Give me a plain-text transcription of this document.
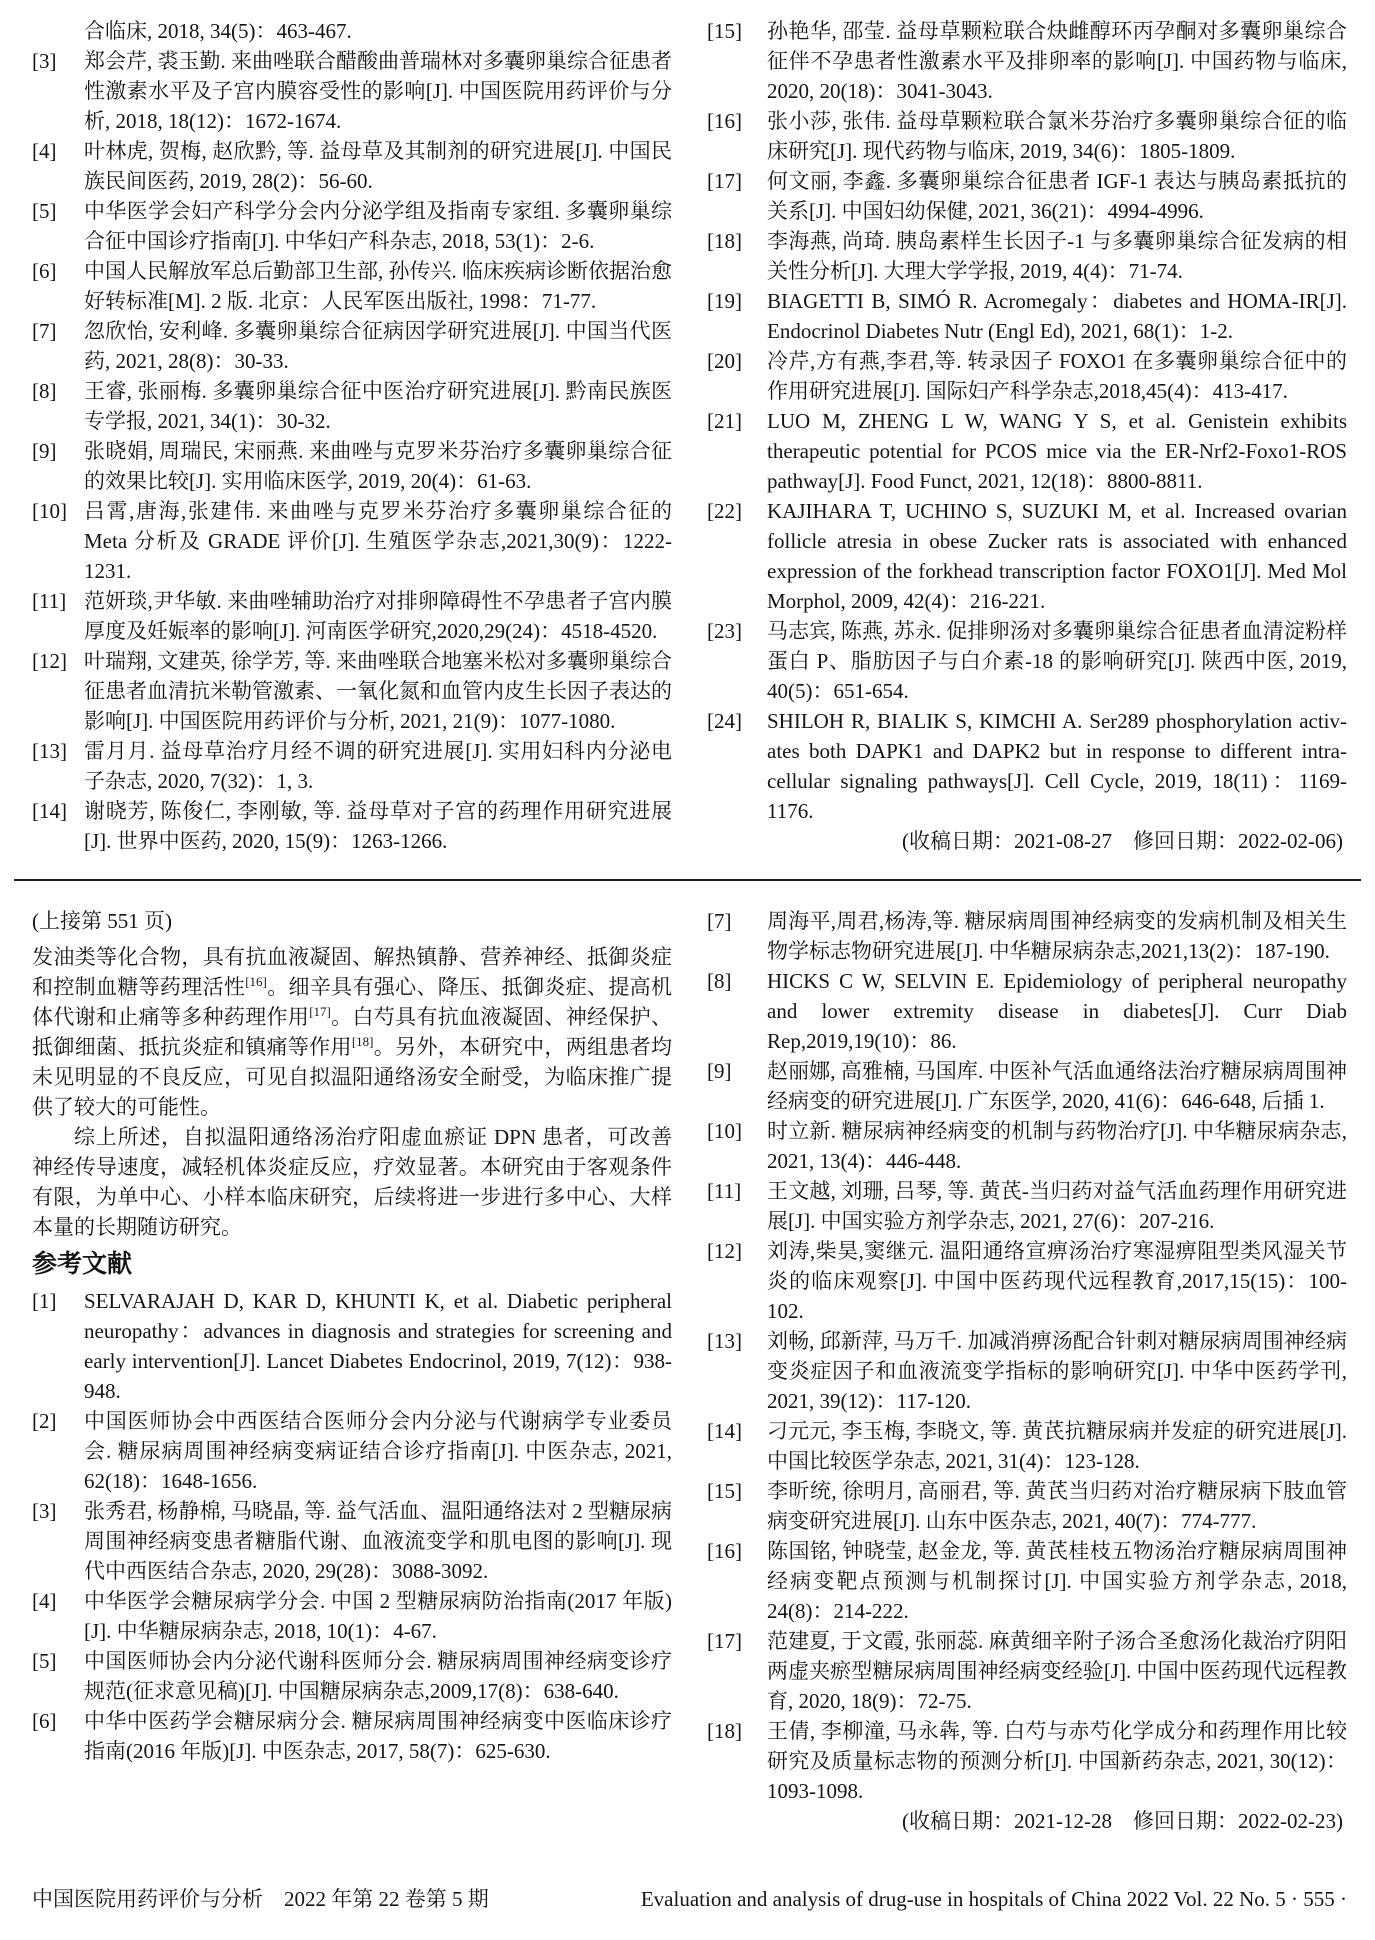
合临床, 2018, 34(5)：463-467.
[3]	郑会芹, 裘玉勤. 来曲唑联合醋酸曲普瑞林对多囊卵巢综合征患者性激素水平及子宫内膜容受性的影响[J]. 中国医院用药评价与分析, 2018, 18(12)：1672-1674.
[4]	叶林虎, 贺梅, 赵欣黔, 等. 益母草及其制剂的研究进展[J]. 中国民族民间医药, 2019, 28(2)：56-60.
[5]	中华医学会妇产科学分会内分泌学组及指南专家组. 多囊卵巢综合征中国诊疗指南[J]. 中华妇产科杂志, 2018, 53(1)：2-6.
[6]	中国人民解放军总后勤部卫生部, 孙传兴. 临床疾病诊断依据治愈好转标准[M]. 2 版. 北京：人民军医出版社, 1998：71-77.
[7]	忽欣怡, 安利峰. 多囊卵巢综合征病因学研究进展[J]. 中国当代医药, 2021, 28(8)：30-33.
[8]	王睿, 张丽梅. 多囊卵巢综合征中医治疗研究进展[J]. 黔南民族医专学报, 2021, 34(1)：30-32.
[9]	张晓娟, 周瑞民, 宋丽燕. 来曲唑与克罗米芬治疗多囊卵巢综合征的效果比较[J]. 实用临床医学, 2019, 20(4)：61-63.
[10] 吕霄,唐海,张建伟. 来曲唑与克罗米芬治疗多囊卵巢综合征的 Meta 分析及 GRADE 评价[J]. 生殖医学杂志,2021,30(9)：1222-1231.
[11] 范妍琰,尹华敏. 来曲唑辅助治疗对排卵障碍性不孕患者子宫内膜厚度及妊娠率的影响[J]. 河南医学研究,2020,29(24)：4518-4520.
[12] 叶瑞翔, 文建英, 徐学芳, 等. 来曲唑联合地塞米松对多囊卵巢综合征患者血清抗米勒管激素、一氧化氮和血管内皮生长因子表达的影响[J]. 中国医院用药评价与分析, 2021, 21(9)：1077-1080.
[13] 雷月月. 益母草治疗月经不调的研究进展[J]. 实用妇科内分泌电子杂志, 2020, 7(32)：1, 3.
[14] 谢晓芳, 陈俊仁, 李刚敏, 等. 益母草对子宫的药理作用研究进展[J]. 世界中医药, 2020, 15(9)：1263-1266.
[15]	孙艳华, 邵莹. 益母草颗粒联合炔雌醇环丙孕酮对多囊卵巢综合征伴不孕患者性激素水平及排卵率的影响[J]. 中国药物与临床, 2020, 20(18)：3041-3043.
[16]	张小莎, 张伟. 益母草颗粒联合氯米芬治疗多囊卵巢综合征的临床研究[J]. 现代药物与临床, 2019, 34(6)：1805-1809.
[17]	何文丽, 李鑫. 多囊卵巢综合征患者 IGF-1 表达与胰岛素抵抗的关系[J]. 中国妇幼保健, 2021, 36(21)：4994-4996.
[18]	李海燕, 尚琦. 胰岛素样生长因子-1 与多囊卵巢综合征发病的相关性分析[J]. 大理大学学报, 2019, 4(4)：71-74.
[19]	BIAGETTI B, SIMÓ R. Acromegaly：diabetes and HOMA-IR[J]. Endocrinol Diabetes Nutr (Engl Ed), 2021, 68(1)：1-2.
[20]	冷芹,方有燕,李君,等. 转录因子 FOXO1 在多囊卵巢综合征中的作用研究进展[J]. 国际妇产科学杂志,2018,45(4)：413-417.
[21]	LUO M, ZHENG L W, WANG Y S, et al. Genistein exhibits therapeutic potential for PCOS mice via the ER-Nrf2-Foxo1-ROS pathway[J]. Food Funct, 2021, 12(18)：8800-8811.
[22]	KAJIHARA T, UCHINO S, SUZUKI M, et al. Increased ovarian follicle atresia in obese Zucker rats is associated with enhanced expression of the forkhead transcription factor FOXO1[J]. Med Mol Morphol, 2009, 42(4)：216-221.
[23]	马志宾, 陈燕, 苏永. 促排卵汤对多囊卵巢综合征患者血清淀粉样蛋白 P、脂肪因子与白介素-18 的影响研究[J]. 陕西中医, 2019, 40(5)：651-654.
[24]	SHILOH R, BIALIK S, KIMCHI A. Ser289 phosphorylation activ-ates both DAPK1 and DAPK2 but in response to different intra-cellular signaling pathways[J]. Cell Cycle, 2019, 18(11)：1169-1176.
(收稿日期：2021-08-27　修回日期：2022-02-06)
(上接第 551 页)

发油类等化合物，具有抗血液凝固、解热镇静、营养神经、抵御炎症和控制血糖等药理活性[16]。细辛具有强心、降压、抵御炎症、提高机体代谢和止痛等多种药理作用[17]。白芍具有抗血液凝固、神经保护、抵御细菌、抵抗炎症和镇痛等作用[18]。另外，本研究中，两组患者均未见明显的不良反应，可见自拟温阳通络汤安全耐受，为临床推广提供了较大的可能性。

综上所述，自拟温阳通络汤治疗阳虚血瘀证 DPN 患者，可改善神经传导速度，减轻机体炎症反应，疗效显著。本研究由于客观条件有限，为单中心、小样本临床研究，后续将进一步进行多中心、大样本量的长期随访研究。

参考文献
[1]	SELVARAJAH D, KAR D, KHUNTI K, et al. Diabetic peripheral neuropathy：advances in diagnosis and strategies for screening and early intervention[J]. Lancet Diabetes Endocrinol, 2019, 7(12)：938-948.
[2]	中国医师协会中西医结合医师分会内分泌与代谢病学专业委员会. 糖尿病周围神经病变病证结合诊疗指南[J]. 中医杂志, 2021, 62(18)：1648-1656.
[3]	张秀君, 杨静棉, 马晓晶, 等. 益气活血、温阳通络法对 2 型糖尿病周围神经病变患者糖脂代谢、血液流变学和肌电图的影响[J]. 现代中西医结合杂志, 2020, 29(28)：3088-3092.
[4]	中华医学会糖尿病学分会. 中国 2 型糖尿病防治指南(2017 年版)[J]. 中华糖尿病杂志, 2018, 10(1)：4-67.
[5]	中国医师协会内分泌代谢科医师分会. 糖尿病周围神经病变诊疗规范(征求意见稿)[J]. 中国糖尿病杂志,2009,17(8)：638-640.
[6]	中华中医药学会糖尿病分会. 糖尿病周围神经病变中医临床诊疗指南(2016 年版)[J]. 中医杂志, 2017, 58(7)：625-630.
[7]	周海平,周君,杨涛,等. 糖尿病周围神经病变的发病机制及相关生物学标志物研究进展[J]. 中华糖尿病杂志,2021,13(2)：187-190.
[8]	HICKS C W, SELVIN E. Epidemiology of peripheral neuropathy and lower extremity disease in diabetes[J]. Curr Diab Rep,2019,19(10)：86.
[9]	赵丽娜, 高雅楠, 马国库. 中医补气活血通络法治疗糖尿病周围神经病变的研究进展[J]. 广东医学, 2020, 41(6)：646-648, 后插 1.
[10]	时立新. 糖尿病神经病变的机制与药物治疗[J]. 中华糖尿病杂志, 2021, 13(4)：446-448.
[11]	王文越, 刘珊, 吕琴, 等. 黄芪-当归药对益气活血药理作用研究进展[J]. 中国实验方剂学杂志, 2021, 27(6)：207-216.
[12]	刘涛,柴昊,窦继元. 温阳通络宣痹汤治疗寒湿痹阻型类风湿关节炎的临床观察[J]. 中国中医药现代远程教育,2017,15(15)：100-102.
[13]	刘畅, 邱新萍, 马万千. 加减消痹汤配合针刺对糖尿病周围神经病变炎症因子和血液流变学指标的影响研究[J]. 中华中医药学刊, 2021, 39(12)：117-120.
[14]	刁元元, 李玉梅, 李晓文, 等. 黄芪抗糖尿病并发症的研究进展[J]. 中国比较医学杂志, 2021, 31(4)：123-128.
[15]	李昕统, 徐明月, 高丽君, 等. 黄芪当归药对治疗糖尿病下肢血管病变研究进展[J]. 山东中医杂志, 2021, 40(7)：774-777.
[16]	陈国铭, 钟晓莹, 赵金龙, 等. 黄芪桂枝五物汤治疗糖尿病周围神经病变靶点预测与机制探讨[J]. 中国实验方剂学杂志, 2018, 24(8)：214-222.
[17]	范建夏, 于文霞, 张丽蕊. 麻黄细辛附子汤合圣愈汤化裁治疗阴阳两虚夹瘀型糖尿病周围神经病变经验[J]. 中国中医药现代远程教育, 2020, 18(9)：72-75.
[18]	王倩, 李柳潼, 马永犇, 等. 白芍与赤芍化学成分和药理作用比较研究及质量标志物的预测分析[J]. 中国新药杂志, 2021, 30(12)：1093-1098.
(收稿日期：2021-12-28　修回日期：2022-02-23)
中国医院用药评价与分析　2022 年第 22 卷第 5 期	Evaluation and analysis of drug-use in hospitals of China 2022 Vol. 22 No. 5 · 555 ·
